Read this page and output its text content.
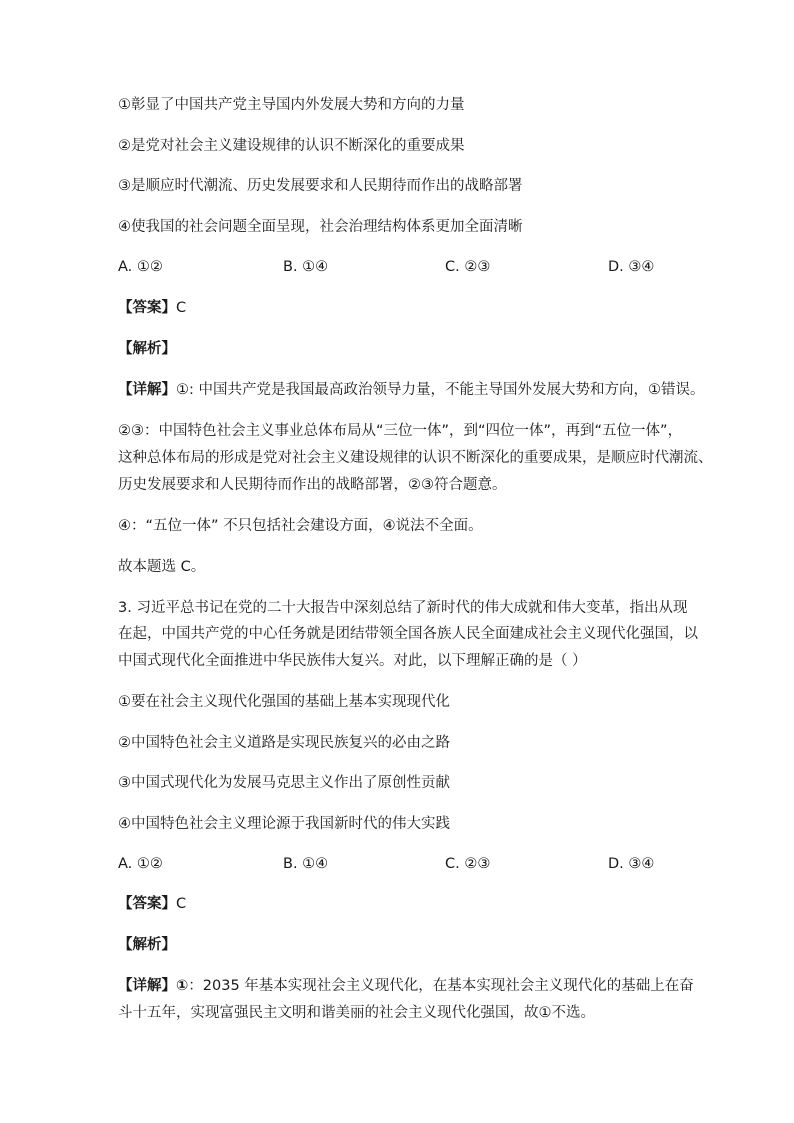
①彰显了中国共产党主导国内外发展大势和方向的力量
②是党对社会主义建设规律的认识不断深化的重要成果
③是顺应时代潮流、历史发展要求和人民期待而作出的战略部署
④使我国的社会问题全面呈现，社会治理结构体系更加全面清晰
A. ①②	B. ①④	C. ②③	D. ③④
【答案】C
【解析】
【详解】①: 中国共产党是我国最高政治领导力量，不能主导国外发展大势和方向，①错误。
②③：中国特色社会主义事业总体布局从“三位一体”，到“四位一体”，再到“五位一体”，
这种总体布局的形成是党对社会主义建设规律的认识不断深化的重要成果，是顺应时代潮流、
历史发展要求和人民期待而作出的战略部署，②③符合题意。
④：“五位一体” 不只包括社会建设方面，④说法不全面。
故本题选 C。
3. 习近平总书记在党的二十大报告中深刻总结了新时代的伟大成就和伟大变革，指出从现
在起，中国共产党的中心任务就是团结带领全国各族人民全面建成社会主义现代化强国，以
中国式现代化全面推进中华民族伟大复兴。对此，以下理解正确的是（ ）
①要在社会主义现代化强国的基础上基本实现现代化
②中国特色社会主义道路是实现民族复兴的必由之路
③中国式现代化为发展马克思主义作出了原创性贡献
④中国特色社会主义理论源于我国新时代的伟大实践
A. ①②	B. ①④	C. ②③	D. ③④
【答案】C
【解析】
【详解】①：2035 年基本实现社会主义现代化，在基本实现社会主义现代化的基础上在奋
斗十五年，实现富强民主文明和谐美丽的社会主义现代化强国，故①不选。
